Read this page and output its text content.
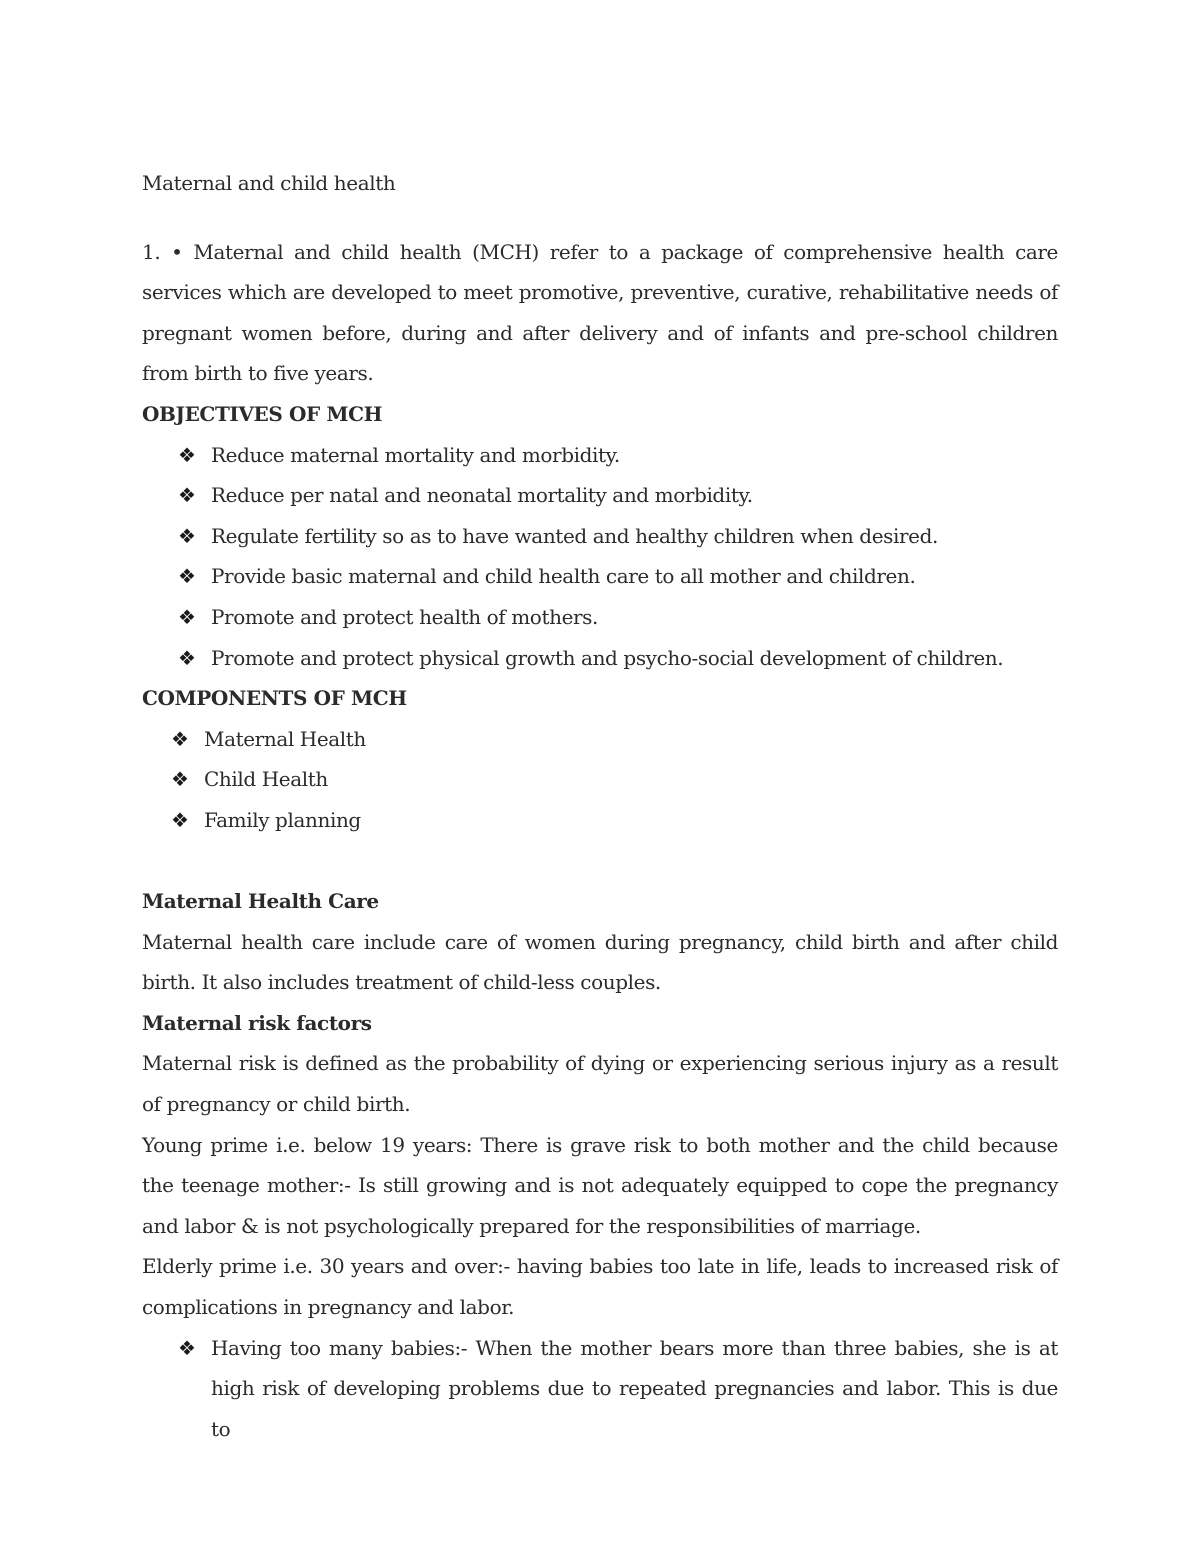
Maternal and child health

1. • Maternal and child health (MCH) refer to a package of comprehensive health care services which are developed to meet promotive, preventive, curative, rehabilitative needs of pregnant women before, during and after delivery and of infants and pre-school children from birth to five years.

OBJECTIVES OF MCH

❖ Reduce maternal mortality and morbidity.
❖ Reduce per natal and neonatal mortality and morbidity.
❖ Regulate fertility so as to have wanted and healthy children when desired.
❖ Provide basic maternal and child health care to all mother and children.
❖ Promote and protect health of mothers.
❖ Promote and protect physical growth and psycho-social development of children.

COMPONENTS OF MCH

❖ Maternal Health
❖ Child Health
❖ Family planning

Maternal Health Care

Maternal health care include care of women during pregnancy, child birth and after child birth. It also includes treatment of child-less couples.

Maternal risk factors

Maternal risk is defined as the probability of dying or experiencing serious injury as a result of pregnancy or child birth.

Young prime i.e. below 19 years: There is grave risk to both mother and the child because the teenage mother:- Is still growing and is not adequately equipped to cope the pregnancy and labor & is not psychologically prepared for the responsibilities of marriage.

Elderly prime i.e. 30 years and over:- having babies too late in life, leads to increased risk of complications in pregnancy and labor.

❖ Having too many babies:- When the mother bears more than three babies, she is at high risk of developing problems due to repeated pregnancies and labor. This is due to
